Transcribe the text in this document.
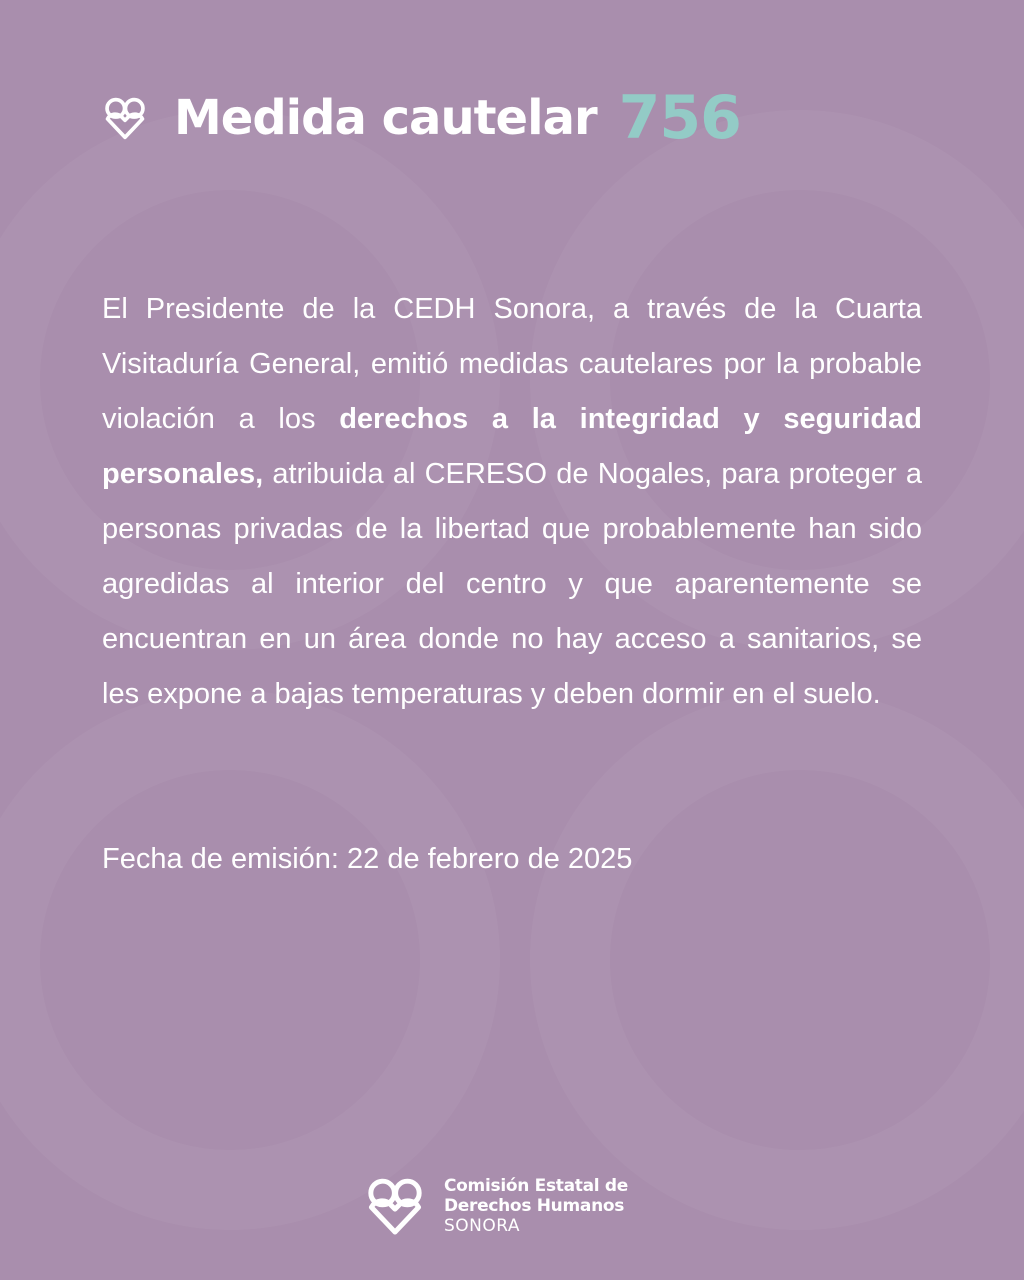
Medida cautelar 756

El Presidente de la CEDH Sonora, a través de la Cuarta Visitaduría General, emitió medidas cautelares por la probable violación a los derechos a la integridad y seguridad personales, atribuida al CERESO de Nogales, para proteger a personas privadas de la libertad que probablemente han sido agredidas al interior del centro y que aparentemente se encuentran en un área donde no hay acceso a sanitarios, se les expone a bajas temperaturas y deben dormir en el suelo.

Fecha de emisión: 22 de febrero de 2025
Comisión Estatal de
Derechos Humanos
SONORA
